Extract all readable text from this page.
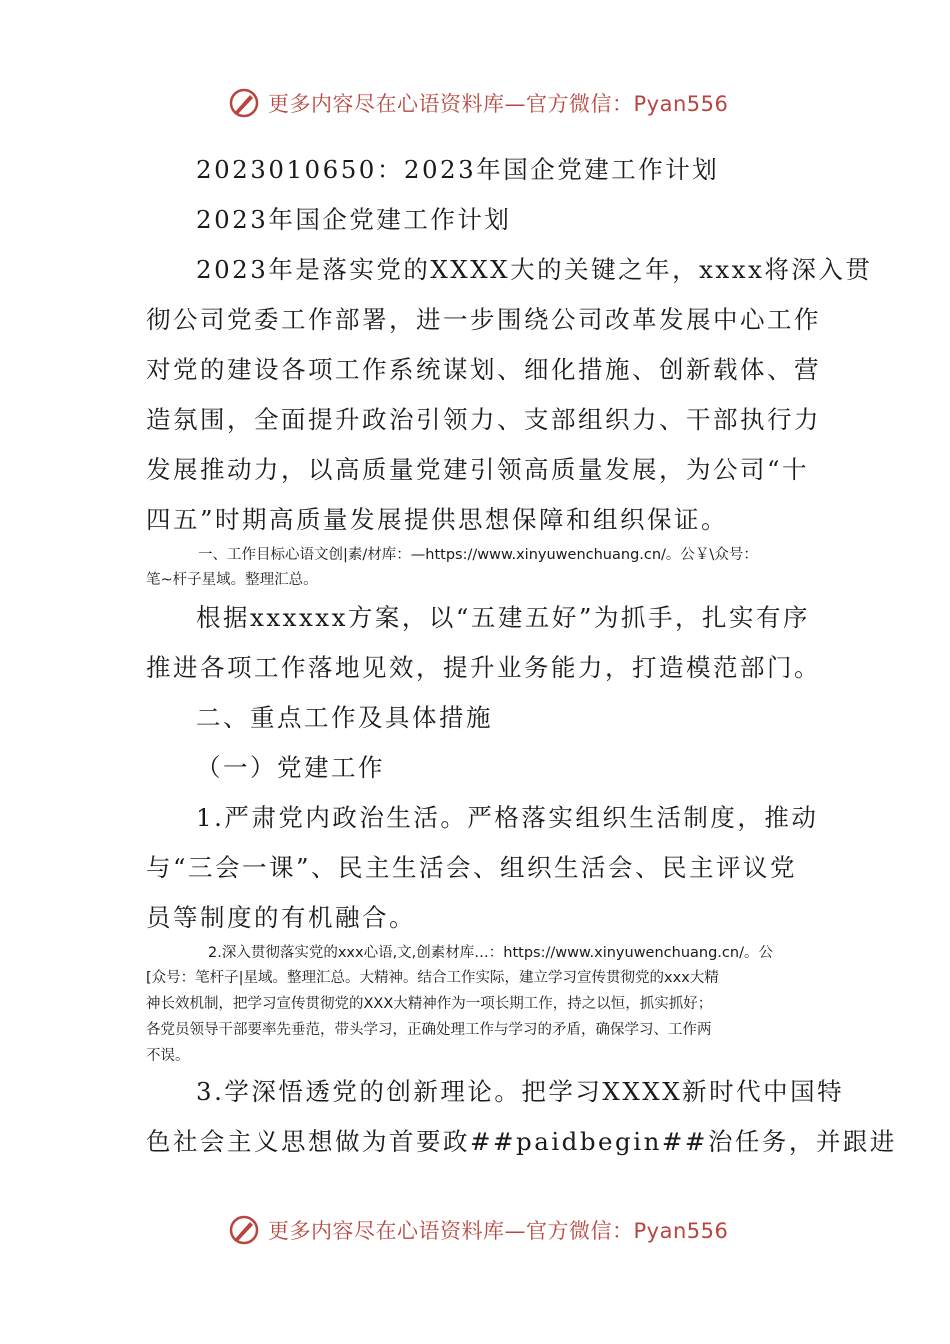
更多内容尽在心语资料库—官方微信：Pyan556
2023010650：2023年国企党建工作计划
2023年国企党建工作计划
2023年是落实党的XXXX大的关键之年，xxxx将深入贯
彻公司党委工作部署，进一步围绕公司改革发展中心工作
对党的建设各项工作系统谋划、细化措施、创新载体、营
造氛围，全面提升政治引领力、支部组织力、干部执行力
发展推动力，以高质量党建引领高质量发展，为公司“十
四五”时期高质量发展提供思想保障和组织保证。
一、工作目标心语文创|素/材库：—https://www.xinyuwenchuang.cn/。公￥\众号：
笔~杆子星域。整理汇总。
根据xxxxxx方案，以“五建五好”为抓手，扎实有序
推进各项工作落地见效，提升业务能力，打造模范部门。
二、重点工作及具体措施
（一）党建工作
1.严肃党内政治生活。严格落实组织生活制度，推动
与“三会一课”、民主生活会、组织生活会、民主评议党
员等制度的有机融合。
2.深入贯彻落实党的xxx心语,文,创素材库…：https://www.xinyuwenchuang.cn/。公
[众号：笔杆子|星域。整理汇总。大精神。结合工作实际，建立学习宣传贯彻党的xxx大精
神长效机制，把学习宣传贯彻党的XXX大精神作为一项长期工作，持之以恒，抓实抓好；
各党员领导干部要率先垂范，带头学习，正确处理工作与学习的矛盾，确保学习、工作两
不误。
3.学深悟透党的创新理论。把学习XXXX新时代中国特
色社会主义思想做为首要政##paidbegin##治任务，并跟进
更多内容尽在心语资料库—官方微信：Pyan556
